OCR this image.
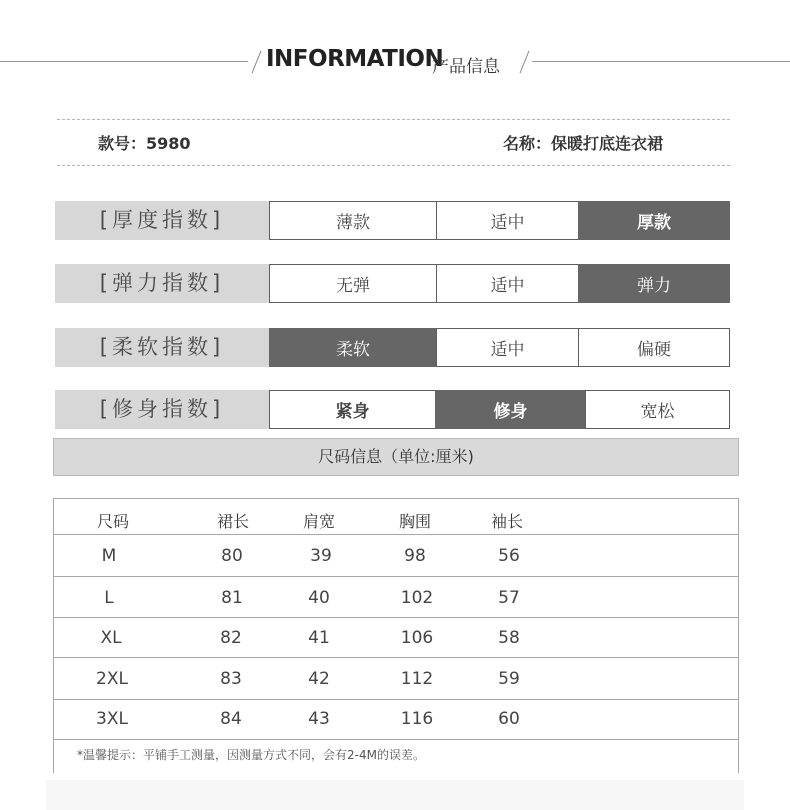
INFORMATION
产品信息
款号：5980	名称：保暖打底连衣裙
[厚度指数]	薄款	适中	厚款
[弹力指数]	无弹	适中	弹力
[柔软指数]	柔软	适中	偏硬
[修身指数]	紧身	修身	宽松
尺码信息（单位:厘米)
尺码	裙长	肩宽	胸围	袖长
M	80	39	98	56
L	81	40	102	57
XL	82	41	106	58
2XL	83	42	112	59
3XL	84	43	116	60
*温馨提示：平铺手工测量，因测量方式不同，会有2-4M的误差。
